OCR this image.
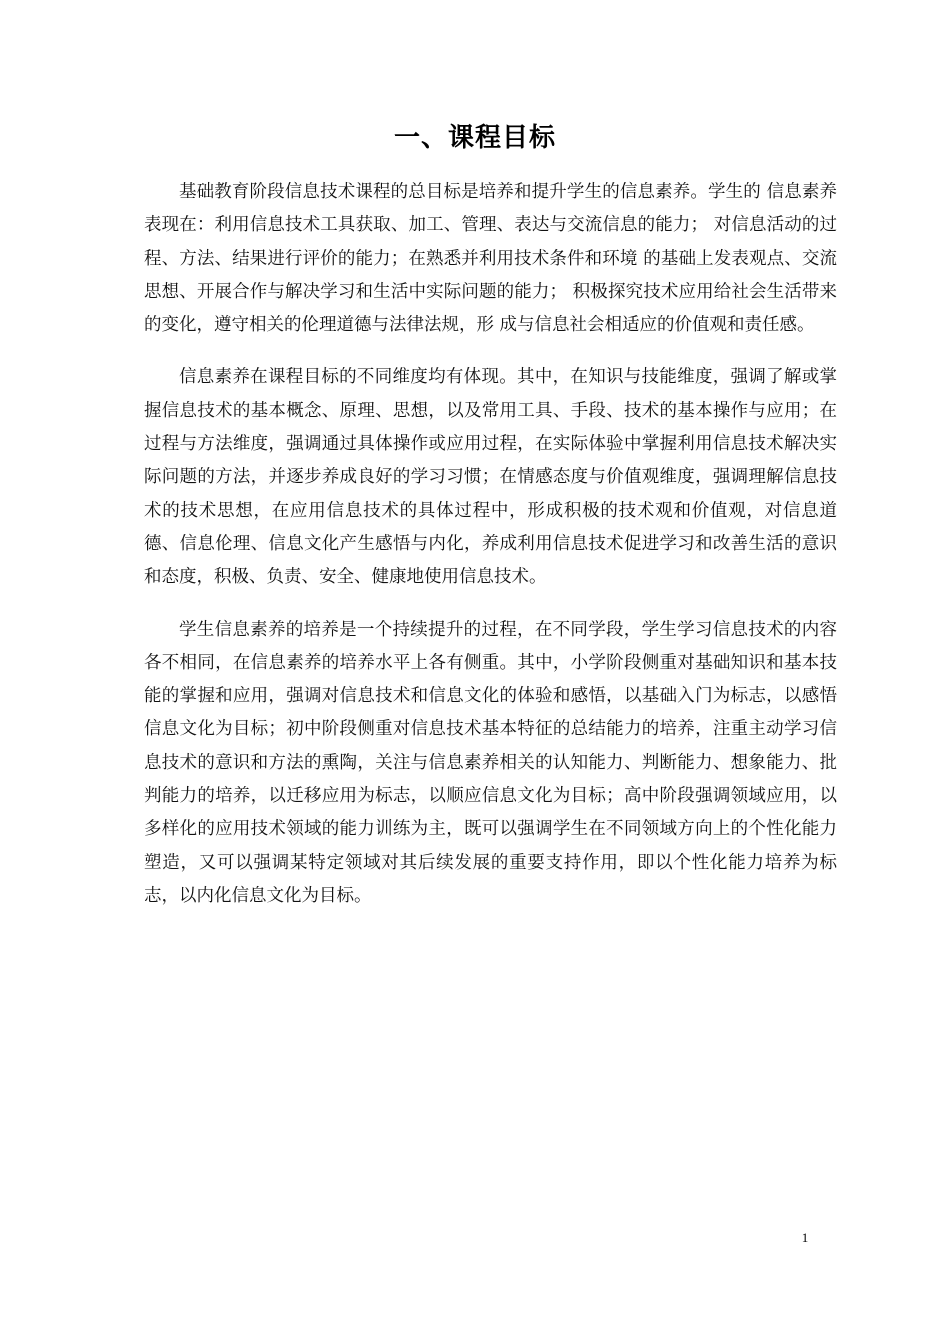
一、课程目标

基础教育阶段信息技术课程的总目标是培养和提升学生的信息素养。学生的 信息素养表现在：利用信息技术工具获取、加工、管理、表达与交流信息的能力； 对信息活动的过程、方法、结果进行评价的能力；在熟悉并利用技术条件和环境 的基础上发表观点、交流思想、开展合作与解决学习和生活中实际问题的能力； 积极探究技术应用给社会生活带来的变化，遵守相关的伦理道德与法律法规，形 成与信息社会相适应的价值观和责任感。

信息素养在课程目标的不同维度均有体现。其中，在知识与技能维度，强调了解或掌握信息技术的基本概念、原理、思想，以及常用工具、手段、技术的基本操作与应用；在过程与方法维度，强调通过具体操作或应用过程，在实际体验中掌握利用信息技术解决实际问题的方法，并逐步养成良好的学习习惯；在情感态度与价值观维度，强调理解信息技术的技术思想，在应用信息技术的具体过程中，形成积极的技术观和价值观，对信息道德、信息伦理、信息文化产生感悟与内化，养成利用信息技术促进学习和改善生活的意识和态度，积极、负责、安全、健康地使用信息技术。

学生信息素养的培养是一个持续提升的过程，在不同学段，学生学习信息技术的内容各不相同，在信息素养的培养水平上各有侧重。其中，小学阶段侧重对基础知识和基本技能的掌握和应用，强调对信息技术和信息文化的体验和感悟，以基础入门为标志，以感悟信息文化为目标；初中阶段侧重对信息技术基本特征的总结能力的培养，注重主动学习信息技术的意识和方法的熏陶，关注与信息素养相关的认知能力、判断能力、想象能力、批判能力的培养，以迁移应用为标志，以顺应信息文化为目标；高中阶段强调领域应用，以多样化的应用技术领域的能力训练为主，既可以强调学生在不同领域方向上的个性化能力塑造，又可以强调某特定领域对其后续发展的重要支持作用，即以个性化能力培养为标志，以内化信息文化为目标。

1
